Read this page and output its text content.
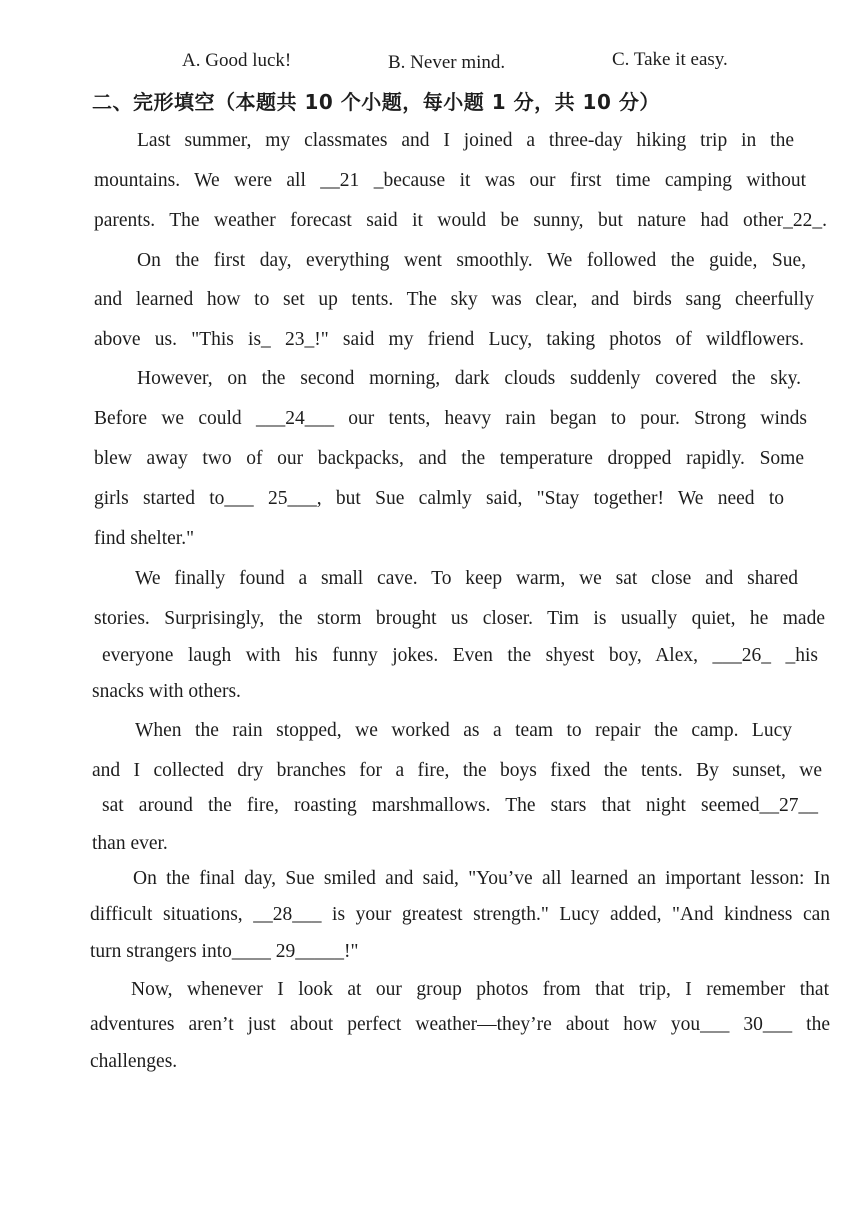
A. Good luck!	B. Never mind.	C. Take it easy.
二、完形填空（本题共 10 个小题，每小题 1 分，共 10 分）
Last summer, my classmates and I joined a three-day hiking trip in the
mountains. We were all __21 _because it was our first time camping without
parents. The weather forecast said it would be sunny, but nature had other_22_.
On the first day, everything went smoothly. We followed the guide, Sue,
and learned how to set up tents. The sky was clear, and birds sang cheerfully
above us. "This is_ 23_!" said my friend Lucy, taking photos of wildflowers.
However, on the second morning, dark clouds suddenly covered the sky.
Before we could ___24___ our tents, heavy rain began to pour. Strong winds
blew away two of our backpacks, and the temperature dropped rapidly. Some
girls started to___ 25___, but Sue calmly said, "Stay together! We need to
find shelter."
We finally found a small cave. To keep warm, we sat close and shared
stories. Surprisingly, the storm brought us closer. Tim is usually quiet, he made
everyone laugh with his funny jokes. Even the shyest boy, Alex, ___26_ _his
snacks with others.
When the rain stopped, we worked as a team to repair the camp. Lucy
and I collected dry branches for a fire, the boys fixed the tents. By sunset, we
sat around the fire, roasting marshmallows. The stars that night seemed__27__
than ever.
On the final day, Sue smiled and said, "You’ve all learned an important lesson: In
difficult situations, __28___ is your greatest strength." Lucy added, "And kindness can
turn strangers into____ 29_____!"
Now, whenever I look at our group photos from that trip, I remember that
adventures aren’t just about perfect weather—they’re about how you___ 30___ the
challenges.
